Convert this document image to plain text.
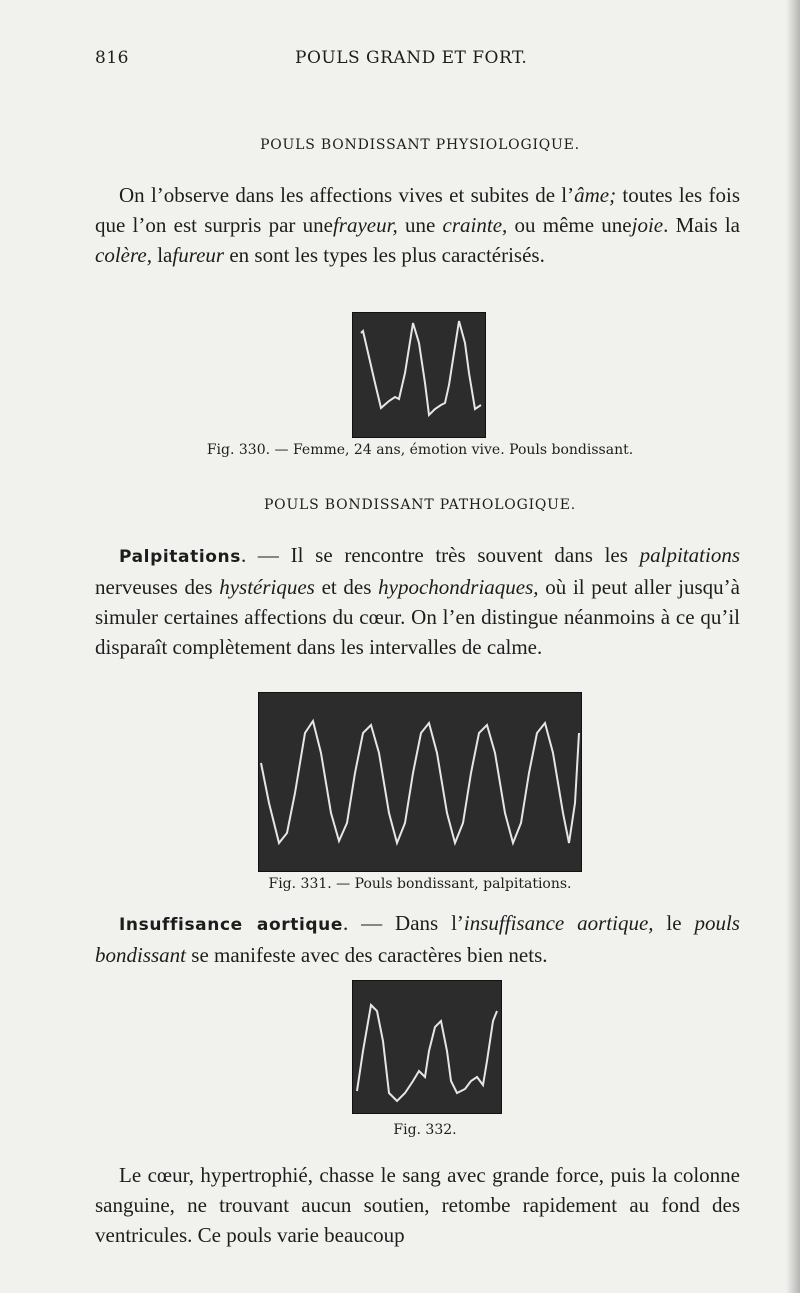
816	POULS GRAND ET FORT.
POULS BONDISSANT PHYSIOLOGIQUE.

On l’observe dans les affections vives et subites de l’âme; toutes les fois que l’on est surpris par unefrayeur, une crainte, ou même unejoie. Mais la colère, lafureur en sont les types les plus caractérisés.

Fig. 330. — Femme, 24 ans, émotion vive. Pouls bondissant.
POULS BONDISSANT PATHOLOGIQUE.

Palpitations. — Il se rencontre très souvent dans les palpitations nerveuses des hystériques et des hypochondriaques, où il peut aller jusqu’à simuler certaines affections du cœur. On l’en distingue néanmoins à ce qu’il disparaît complètement dans les intervalles de calme.

Fig. 331. — Pouls bondissant, palpitations.

Insuffisance aortique. — Dans l’insuffisance aortique, le pouls bondissant se manifeste avec des caractères bien nets.

Fig. 332.

Le cœur, hypertrophié, chasse le sang avec grande force, puis la colonne sanguine, ne trouvant aucun soutien, retombe rapidement au fond des ventricules. Ce pouls varie beaucoup
